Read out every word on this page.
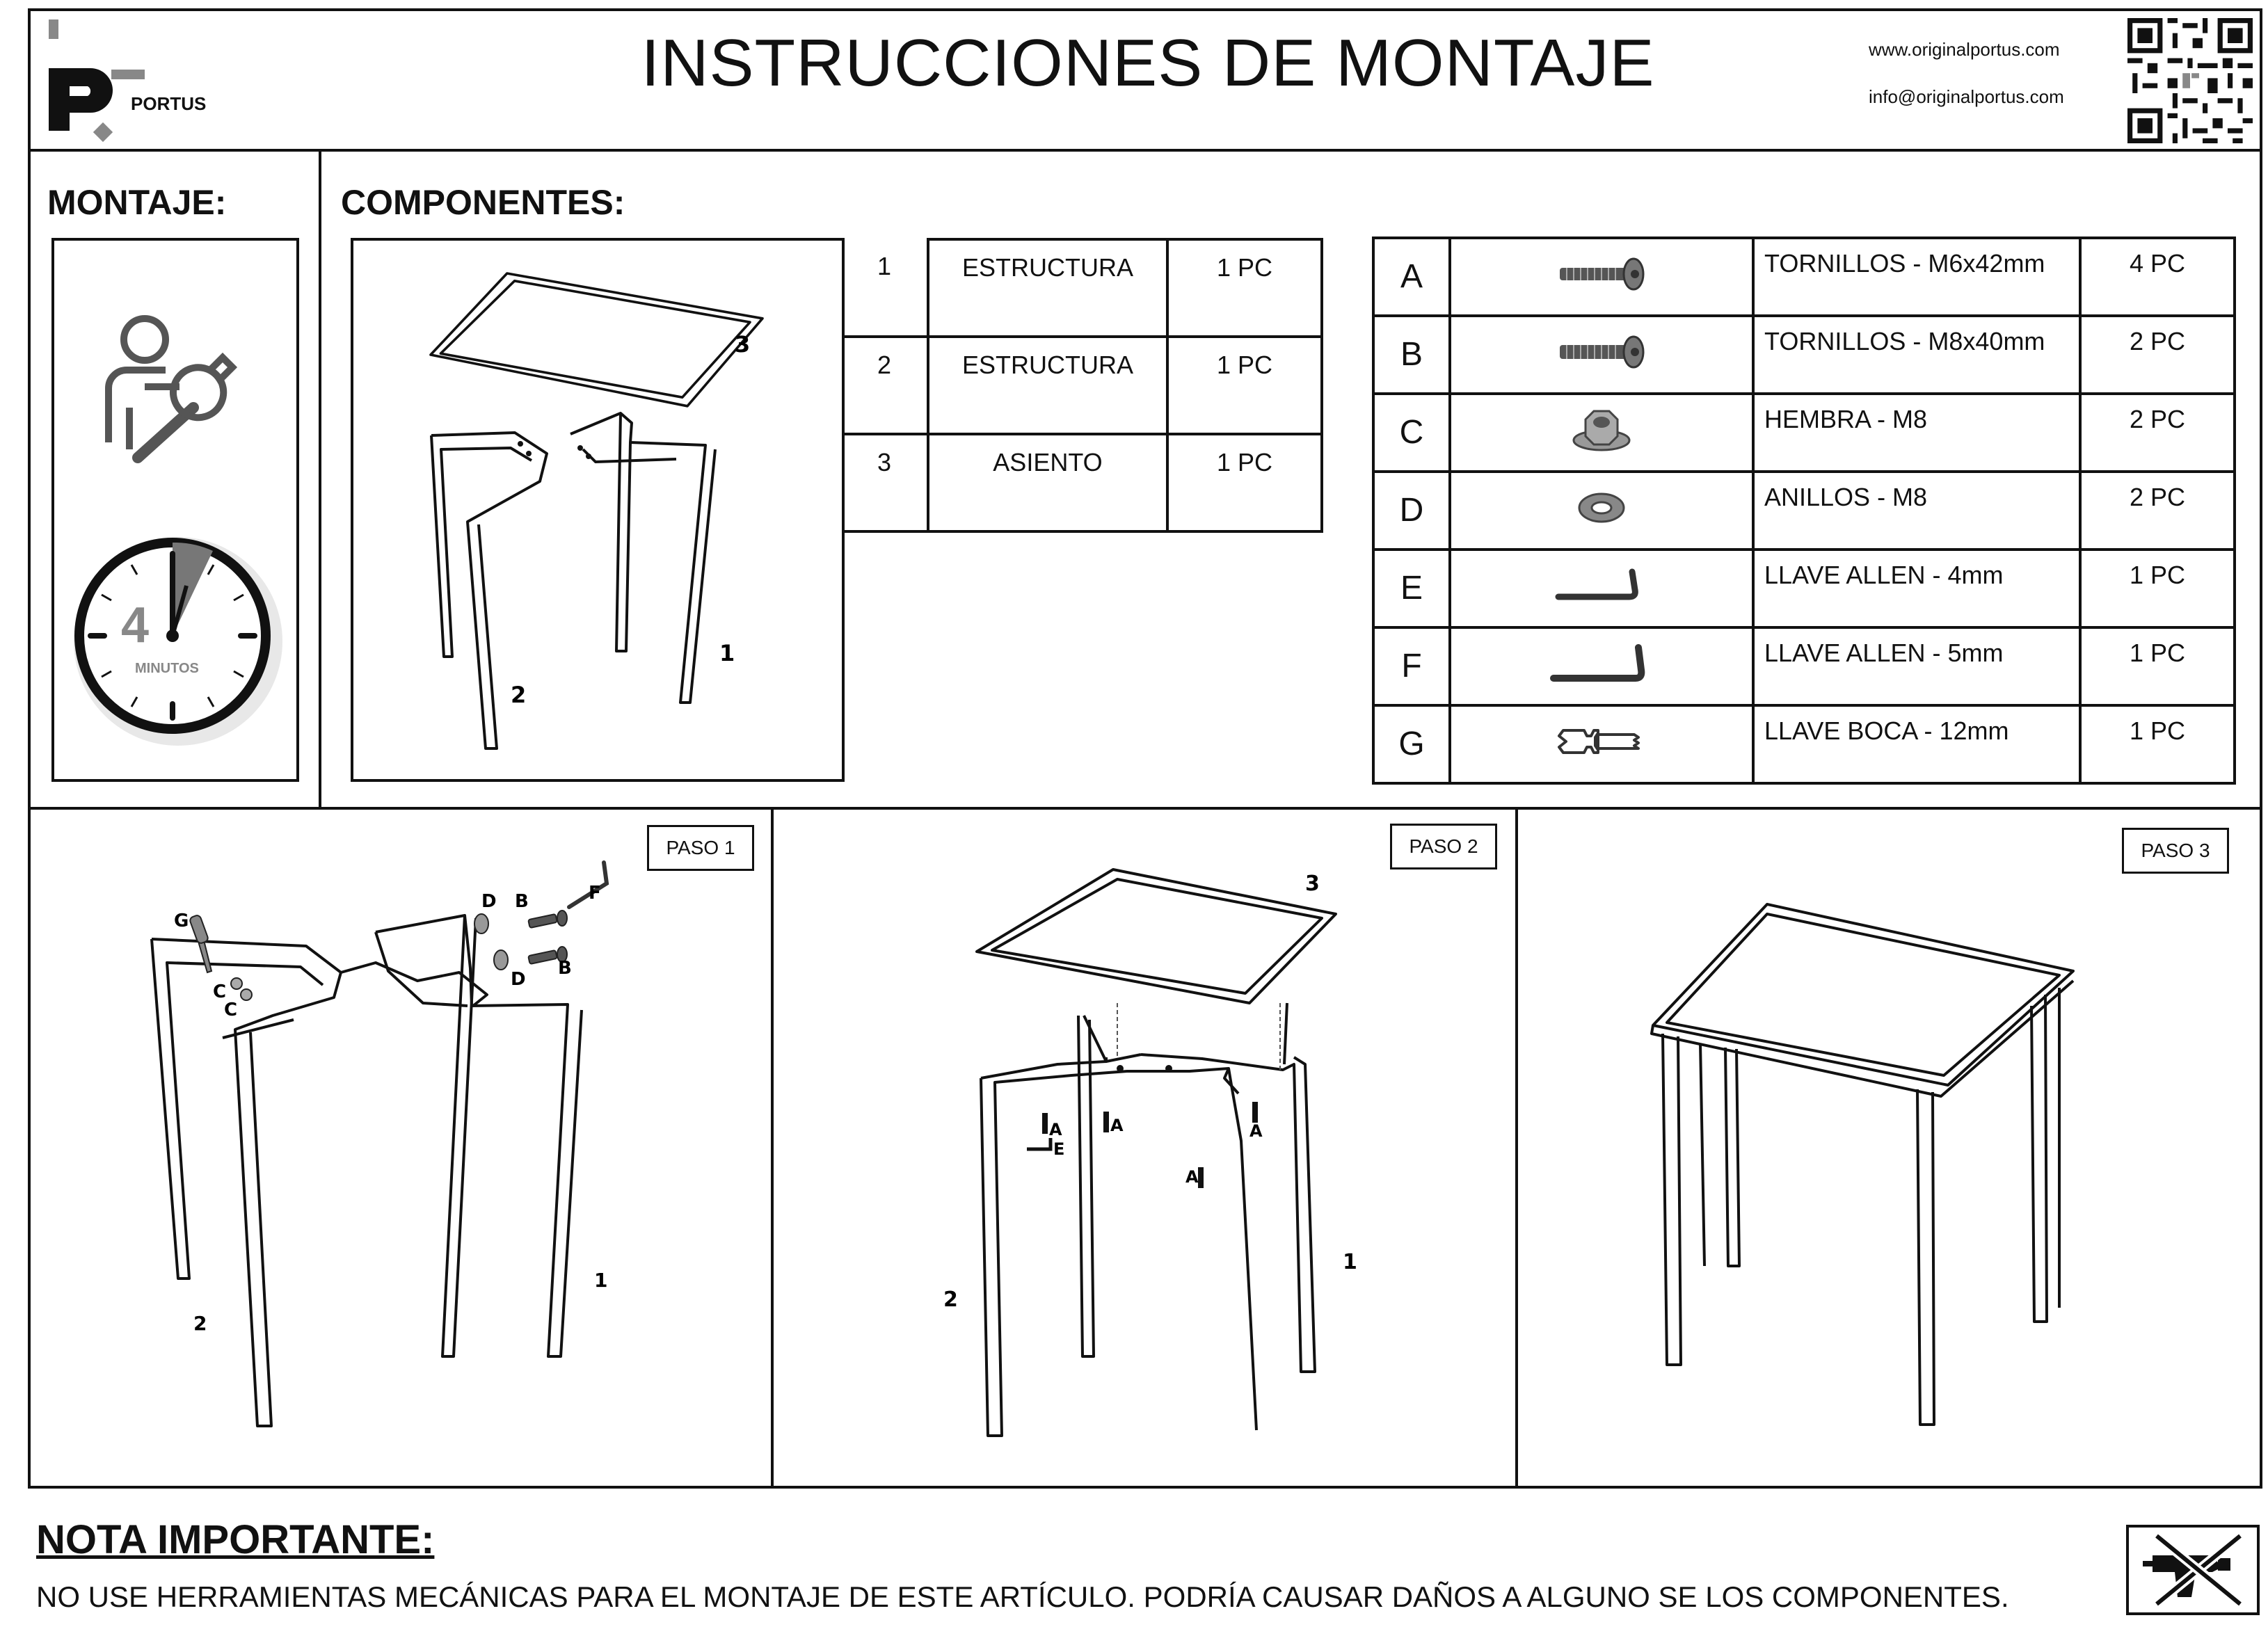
PORTUS
INSTRUCCIONES DE MONTAJE	www.originalportus.com
info@originalportus.com
MONTAJE:	COMPONENTES:
4
MINUTOS
3
1
2
1	ESTRUCTURA	1 PC
2	ESTRUCTURA	1 PC
3	ASIENTO	1 PC
A		TORNILLOS - M6x42mm	4 PC
B		TORNILLOS - M8x40mm	2 PC
C		HEMBRA - M8	2 PC
D		ANILLOS - M8	2 PC
E		LLAVE ALLEN - 4mm	1 PC
F		LLAVE ALLEN - 5mm	1 PC
G		LLAVE BOCA - 12mm	1 PC
PASO 1
G
C
C
D B	F
D
B
1
2
PASO 2
3
A	A
E
A
A
1
2
PASO 3
NOTA IMPORTANTE:
NO USE HERRAMIENTAS MECÁNICAS PARA EL MONTAJE DE ESTE ARTÍCULO. PODRÍA CAUSAR DAÑOS A ALGUNO SE LOS COMPONENTES.
